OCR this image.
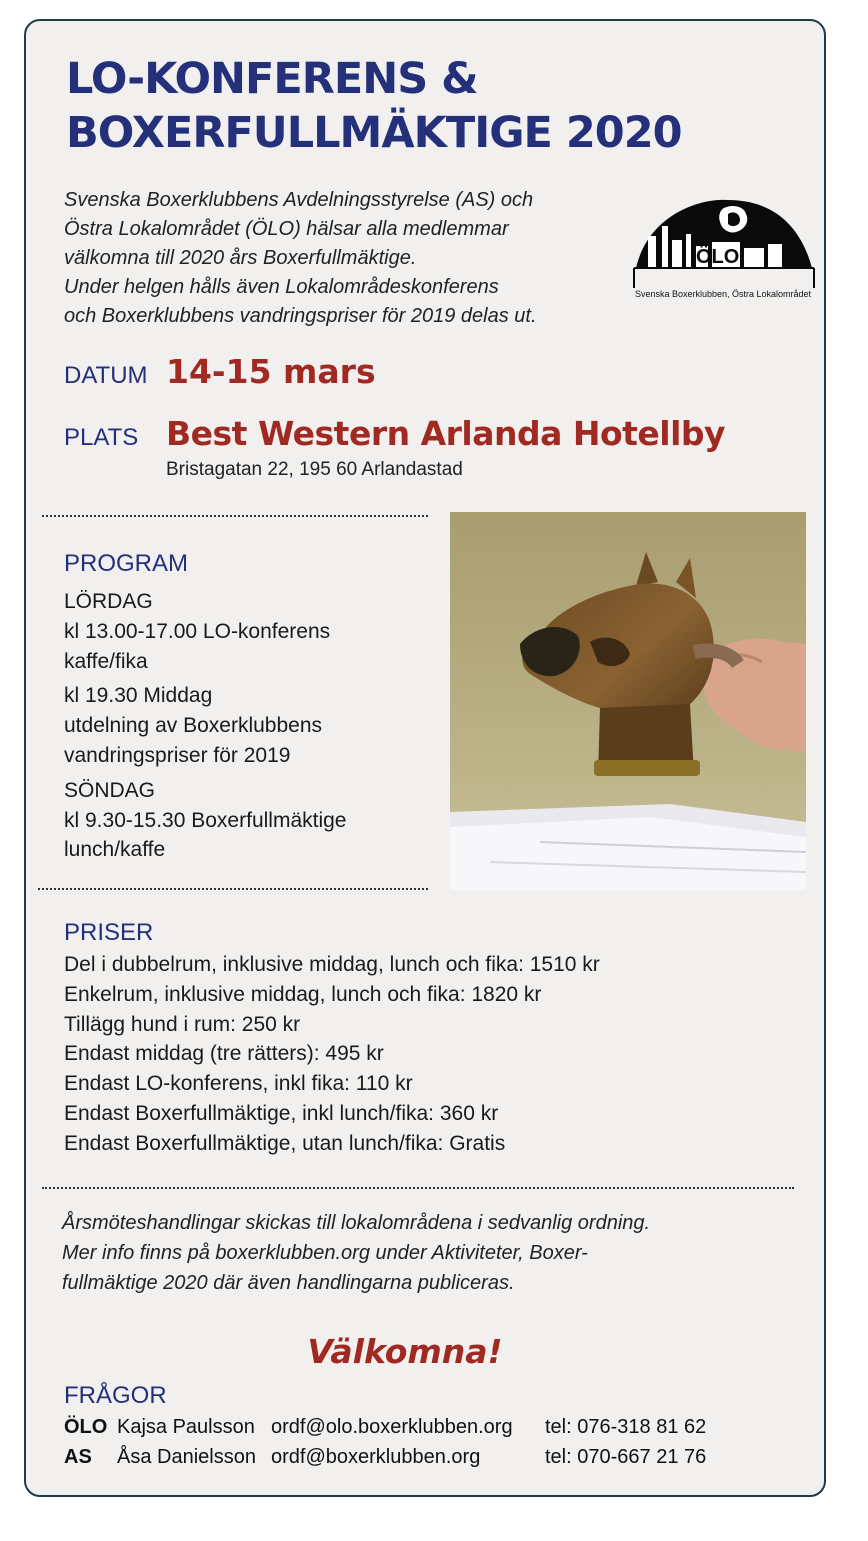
LO-KONFERENS &
BOXERFULLMÄKTIGE 2020
Svenska Boxerklubbens Avdelningsstyrelse (AS) och
Östra Lokalområdet (ÖLO) hälsar alla medlemmar
välkomna till 2020 års Boxerfullmäktige.
Under helgen hålls även Lokalområdeskonferens
och Boxerklubbens vandringspriser för 2019 delas ut.
ÖLO
Svenska Boxerklubben, Östra Lokalområdet
DATUM 14-15 mars
PLATS Best Western Arlanda Hotellby
Bristagatan 22, 195 60 Arlandastad
PROGRAM
LÖRDAG
kl 13.00-17.00 LO-konferens
kaffe/fika
kl 19.30 Middag
utdelning av Boxerklubbens
vandringspriser för 2019
SÖNDAG
kl 9.30-15.30 Boxerfullmäktige
lunch/kaffe
PRISER
Del i dubbelrum, inklusive middag, lunch och fika: 1510 kr
Enkelrum, inklusive middag, lunch och fika: 1820 kr
Tillägg hund i rum: 250 kr
Endast middag (tre rätters): 495 kr
Endast LO-konferens, inkl fika: 110 kr
Endast Boxerfullmäktige, inkl lunch/fika: 360 kr
Endast Boxerfullmäktige, utan lunch/fika: Gratis
Årsmöteshandlingar skickas till lokalområdena i sedvanlig ordning.
Mer info finns på boxerklubben.org under Aktiviteter, Boxer-
fullmäktige 2020 där även handlingarna publiceras.
Välkomna!
FRÅGOR
ÖLO Kajsa Paulsson ordf@olo.boxerklubben.org tel: 076-318 81 62
AS Åsa Danielsson ordf@boxerklubben.org	tel: 070-667 21 76
